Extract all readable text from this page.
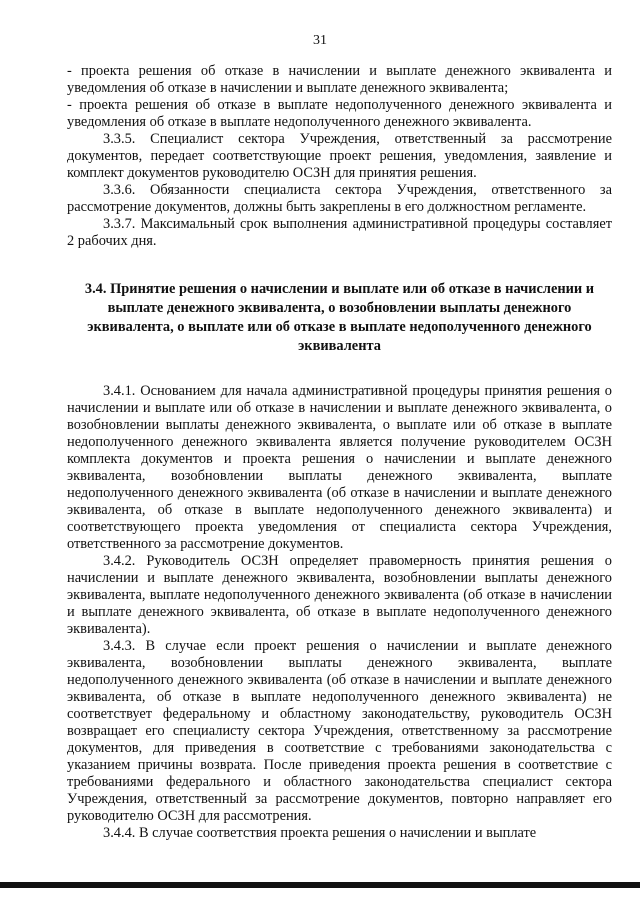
31

- проекта решения об отказе в начислении и выплате денежного эквивалента и уведомления об отказе в начислении и выплате денежного эквивалента;

- проекта решения об отказе в выплате недополученного денежного эквивалента и уведомления об отказе в выплате недополученного денежного эквивалента.

3.3.5. Специалист сектора Учреждения, ответственный за рассмотрение документов, передает соответствующие проект решения, уведомления, заявление и комплект документов руководителю ОСЗН для принятия решения.

3.3.6. Обязанности специалиста сектора Учреждения, ответственного за рассмотрение документов, должны быть закреплены в его должностном регламенте.

3.3.7. Максимальный срок выполнения административной процедуры составляет 2 рабочих дня.

3.4. Принятие решения о начислении и выплате или об отказе в начислении и выплате денежного эквивалента, о возобновлении выплаты денежного эквивалента, о выплате или об отказе в выплате недополученного денежного эквивалента

3.4.1. Основанием для начала административной процедуры принятия решения о начислении и выплате или об отказе в начислении и выплате денежного эквивалента, о возобновлении выплаты денежного эквивалента, о выплате или об отказе в выплате недополученного денежного эквивалента является получение руководителем ОСЗН комплекта документов и проекта решения о начислении и выплате денежного эквивалента, возобновлении выплаты денежного эквивалента, выплате недополученного денежного эквивалента (об отказе в начислении и выплате денежного эквивалента, об отказе в выплате недополученного денежного эквивалента) и соответствующего проекта уведомления от специалиста сектора Учреждения, ответственного за рассмотрение документов.

3.4.2. Руководитель ОСЗН определяет правомерность принятия решения о начислении и выплате денежного эквивалента, возобновлении выплаты денежного эквивалента, выплате недополученного денежного эквивалента (об отказе в начислении и выплате денежного эквивалента, об отказе в выплате недополученного денежного эквивалента).

3.4.3. В случае если проект решения о начислении и выплате денежного эквивалента, возобновлении выплаты денежного эквивалента, выплате недополученного денежного эквивалента (об отказе в начислении и выплате денежного эквивалента, об отказе в выплате недополученного денежного эквивалента) не соответствует федеральному и областному законодательству, руководитель ОСЗН возвращает его специалисту сектора Учреждения, ответственному за рассмотрение документов, для приведения в соответствие с требованиями законодательства с указанием причины возврата. После приведения проекта решения в соответствие с требованиями федерального и областного законодательства специалист сектора Учреждения, ответственный за рассмотрение документов, повторно направляет его руководителю ОСЗН для рассмотрения.

3.4.4. В случае соответствия проекта решения о начислении и выплате
